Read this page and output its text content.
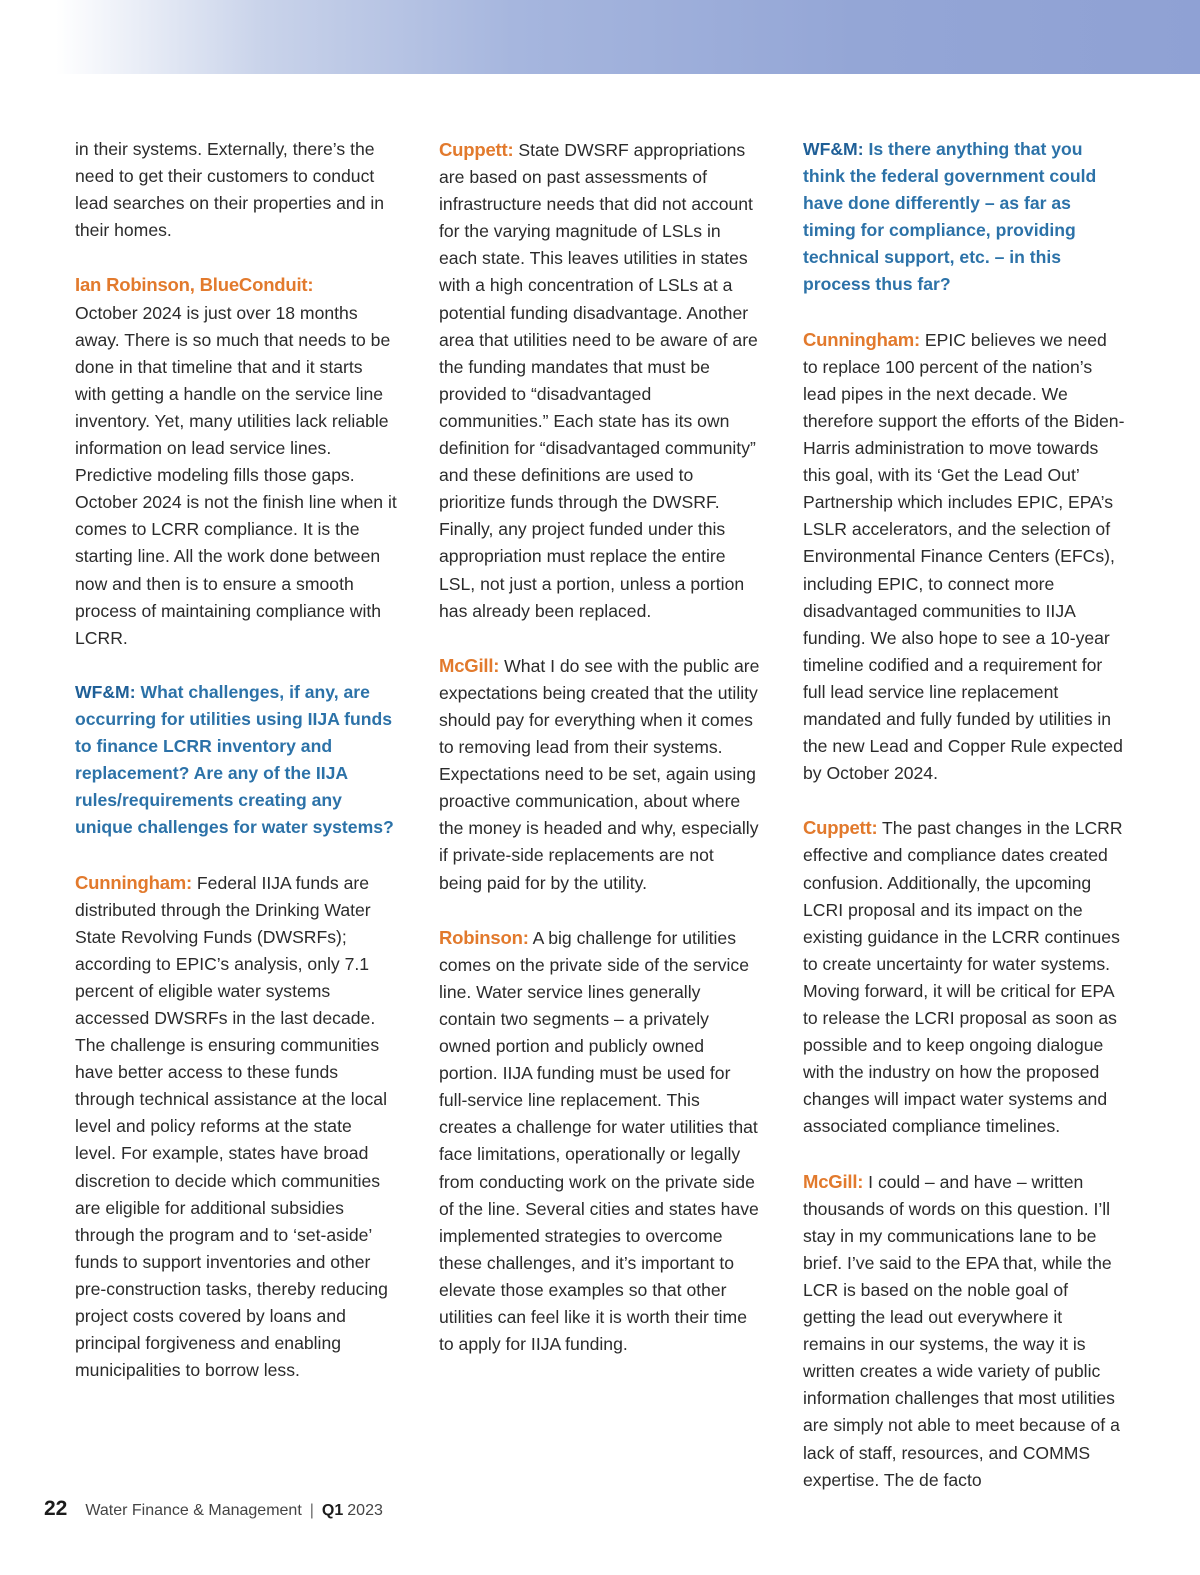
in their systems. Externally, there’s the need to get their customers to conduct lead searches on their properties and in their homes.

Ian Robinson, BlueConduit:
October 2024 is just over 18 months away. There is so much that needs to be done in that timeline that and it starts with getting a handle on the service line inventory. Yet, many utilities lack reliable information on lead service lines. Predictive modeling fills those gaps. October 2024 is not the finish line when it comes to LCRR compliance. It is the starting line. All the work done between now and then is to ensure a smooth process of maintaining compliance with LCRR.

WF&M: What challenges, if any, are occurring for utilities using IIJA funds to finance LCRR inventory and replacement? Are any of the IIJA rules/requirements creating any unique challenges for water systems?

Cunningham: Federal IIJA funds are distributed through the Drinking Water State Revolving Funds (DWSRFs); according to EPIC’s analysis, only 7.1 percent of eligible water systems accessed DWSRFs in the last decade. The challenge is ensuring communities have better access to these funds through technical assistance at the local level and policy reforms at the state level. For example, states have broad discretion to decide which communities are eligible for additional subsidies through the program and to ‘set-aside’ funds to support inventories and other pre-construction tasks, thereby reducing project costs covered by loans and principal forgiveness and enabling municipalities to borrow less.

Cuppett: State DWSRF appropriations are based on past assessments of infrastructure needs that did not account for the varying magnitude of LSLs in each state. This leaves utilities in states with a high concentration of LSLs at a potential funding disadvantage. Another area that utilities need to be aware of are the funding mandates that must be provided to “disadvantaged communities.” Each state has its own definition for “disadvantaged community” and these definitions are used to prioritize funds through the DWSRF. Finally, any project funded under this appropriation must replace the entire LSL, not just a portion, unless a portion has already been replaced.

McGill: What I do see with the public are expectations being created that the utility should pay for everything when it comes to removing lead from their systems. Expectations need to be set, again using proactive communication, about where the money is headed and why, especially if private-side replacements are not being paid for by the utility.

Robinson: A big challenge for utilities comes on the private side of the service line. Water service lines generally contain two segments – a privately owned portion and publicly owned portion. IIJA funding must be used for full-service line replacement. This creates a challenge for water utilities that face limitations, operationally or legally from conducting work on the private side of the line. Several cities and states have implemented strategies to overcome these challenges, and it’s important to elevate those examples so that other utilities can feel like it is worth their time to apply for IIJA funding.

WF&M: Is there anything that you think the federal government could have done differently – as far as timing for compliance, providing technical support, etc. – in this process thus far?

Cunningham: EPIC believes we need to replace 100 percent of the nation’s lead pipes in the next decade. We therefore support the efforts of the Biden-Harris administration to move towards this goal, with its ‘Get the Lead Out’ Partnership which includes EPIC, EPA’s LSLR accelerators, and the selection of Environmental Finance Centers (EFCs), including EPIC, to connect more disadvantaged communities to IIJA funding. We also hope to see a 10-year timeline codified and a requirement for full lead service line replacement mandated and fully funded by utilities in the new Lead and Copper Rule expected by October 2024.

Cuppett: The past changes in the LCRR effective and compliance dates created confusion. Additionally, the upcoming LCRI proposal and its impact on the existing guidance in the LCRR continues to create uncertainty for water systems. Moving forward, it will be critical for EPA to release the LCRI proposal as soon as possible and to keep ongoing dialogue with the industry on how the proposed changes will impact water systems and associated compliance timelines.

McGill: I could – and have – written thousands of words on this question. I’ll stay in my communications lane to be brief. I’ve said to the EPA that, while the LCR is based on the noble goal of getting the lead out everywhere it remains in our systems, the way it is written creates a wide variety of public information challenges that most utilities are simply not able to meet because of a lack of staff, resources, and COMMS expertise. The de facto

22 Water Finance & Management | Q1 2023
